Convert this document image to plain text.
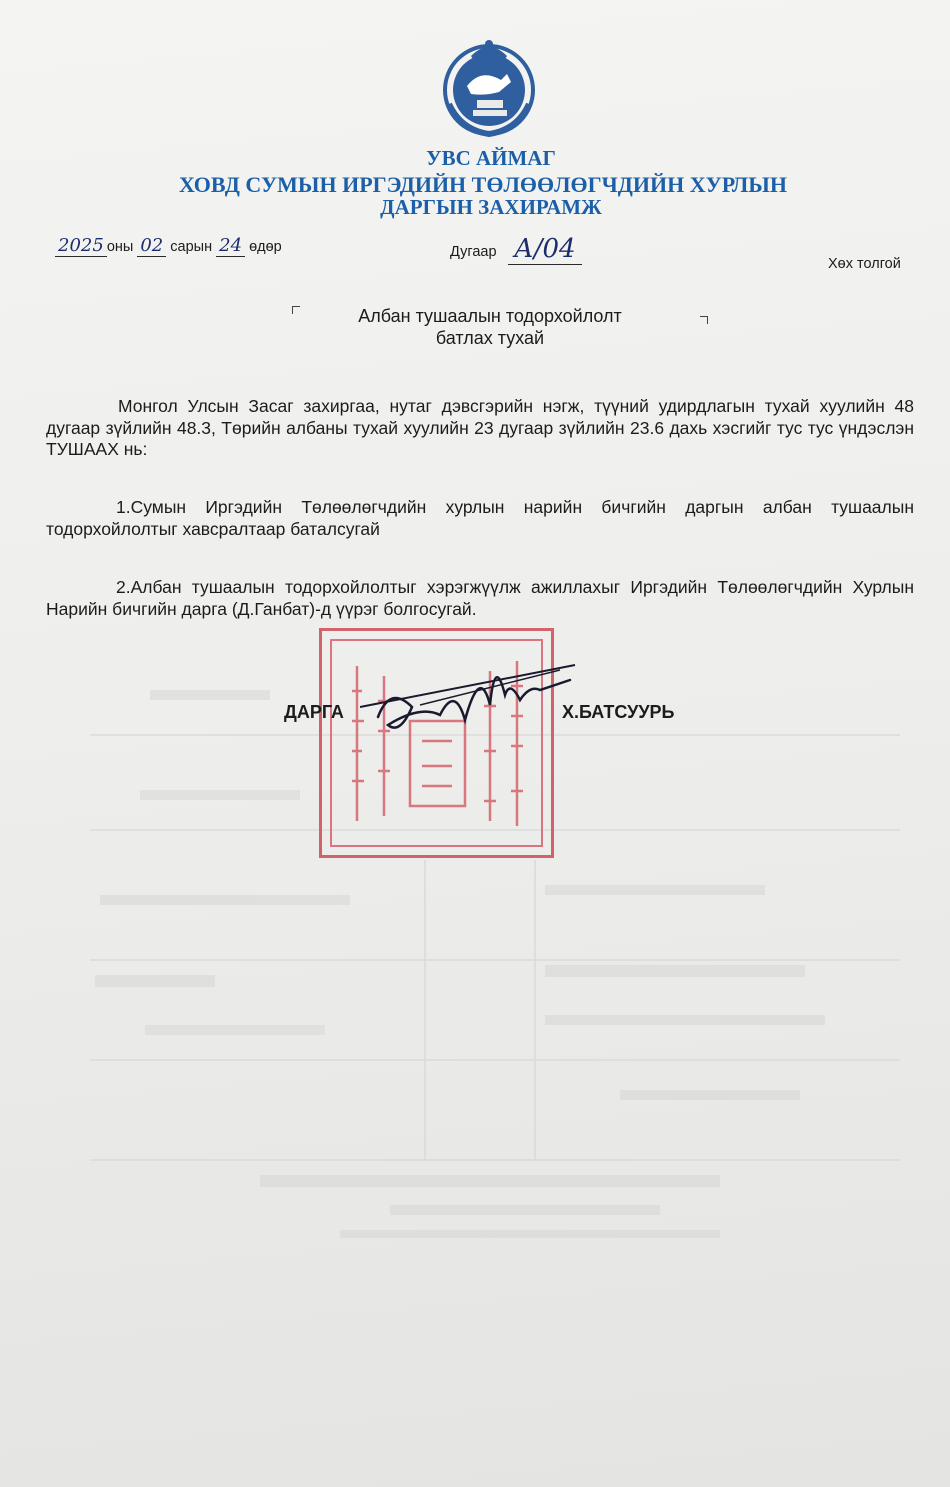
УВС АЙМАГ
ХОВД СУМЫН ИРГЭДИЙН ТӨЛӨӨЛӨГЧДИЙН ХУРЛЫН
ДАРГЫН ЗАХИРАМЖ
2025 оны 02 сарын 24 өдөр	Дугаар А/04	Хөх толгой
Албан тушаалын тодорхойлолт
батлах тухай
Монгол Улсын Засаг захиргаа, нутаг дэвсгэрийн нэгж, түүний удирдлагын тухай хуулийн 48 дугаар зүйлийн 48.3, Төрийн албаны тухай хуулийн 23 дугаар зүйлийн 23.6 дахь хэсгийг тус тус үндэслэн ТУШААХ нь:
1.Сумын Иргэдийн Төлөөлөгчдийн хурлын нарийн бичгийн даргын албан тушаалын тодорхойлолтыг хавсралтаар баталсугай
2.Албан тушаалын тодорхойлолтыг хэрэгжүүлж ажиллахыг Иргэдийн Төлөөлөгчдийн Хурлын Нарийн бичгийн дарга (Д.Ганбат)-д үүрэг болгосугай.
ДАРГА	Х.БАТСУУРЬ
